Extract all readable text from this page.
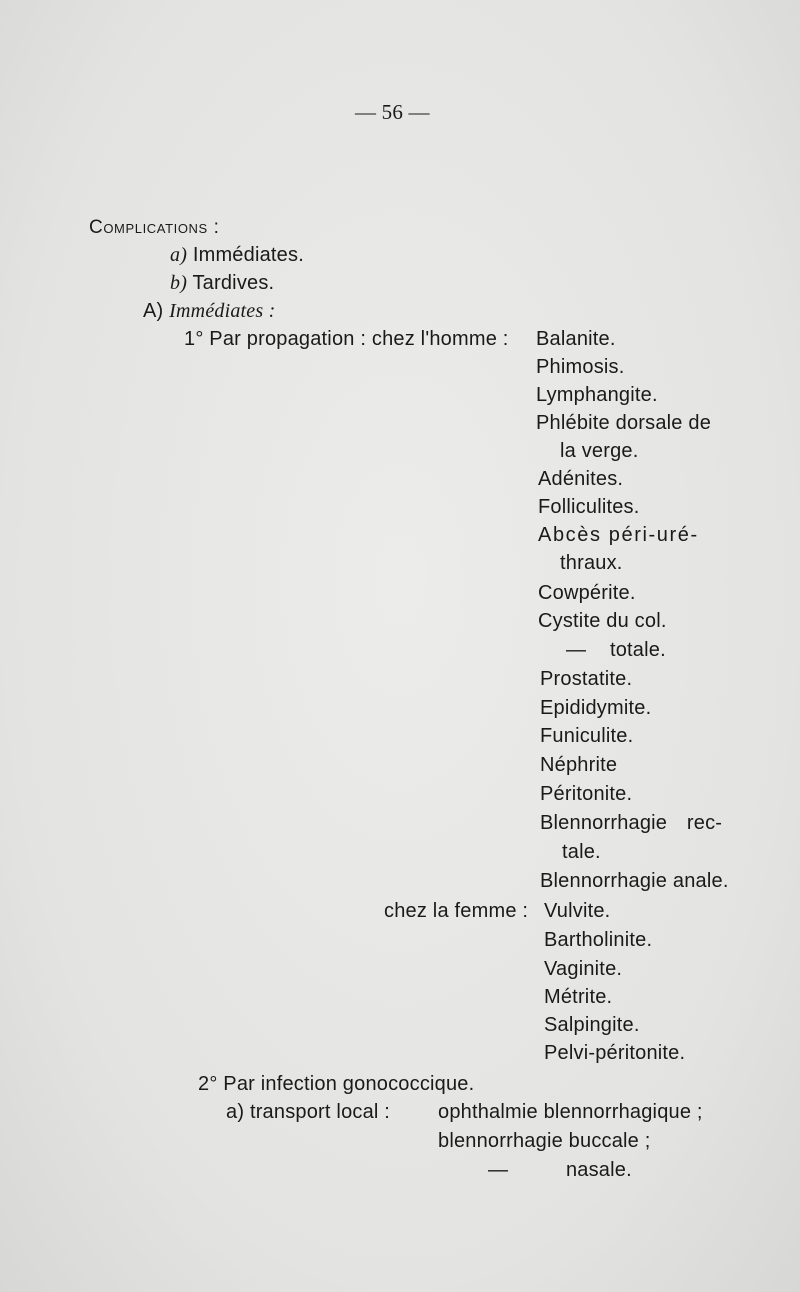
— 56 —
Complications :
a) Immédiates.
b) Tardives.
A) Immédiates :
1° Par propagation : chez l'homme : Balanite.
Phimosis.
Lymphangite.
Phlébite dorsale de
la verge.
Adénites.
Folliculites.
Abcès péri-uré-
thraux.
Cowpérite.
Cystite du col.
— totale.
Prostatite.
Epididymite.
Funiculite.
Néphrite
Péritonite.
Blennorrhagie rec-
tale.
Blennorrhagie anale.
chez la femme : Vulvite.
Bartholinite.
Vaginite.
Métrite.
Salpingite.
Pelvi-péritonite.
2° Par infection gonococcique.
a) transport local : ophthalmie blennorrhagique ;
blennorrhagie buccale ;
— nasale.
